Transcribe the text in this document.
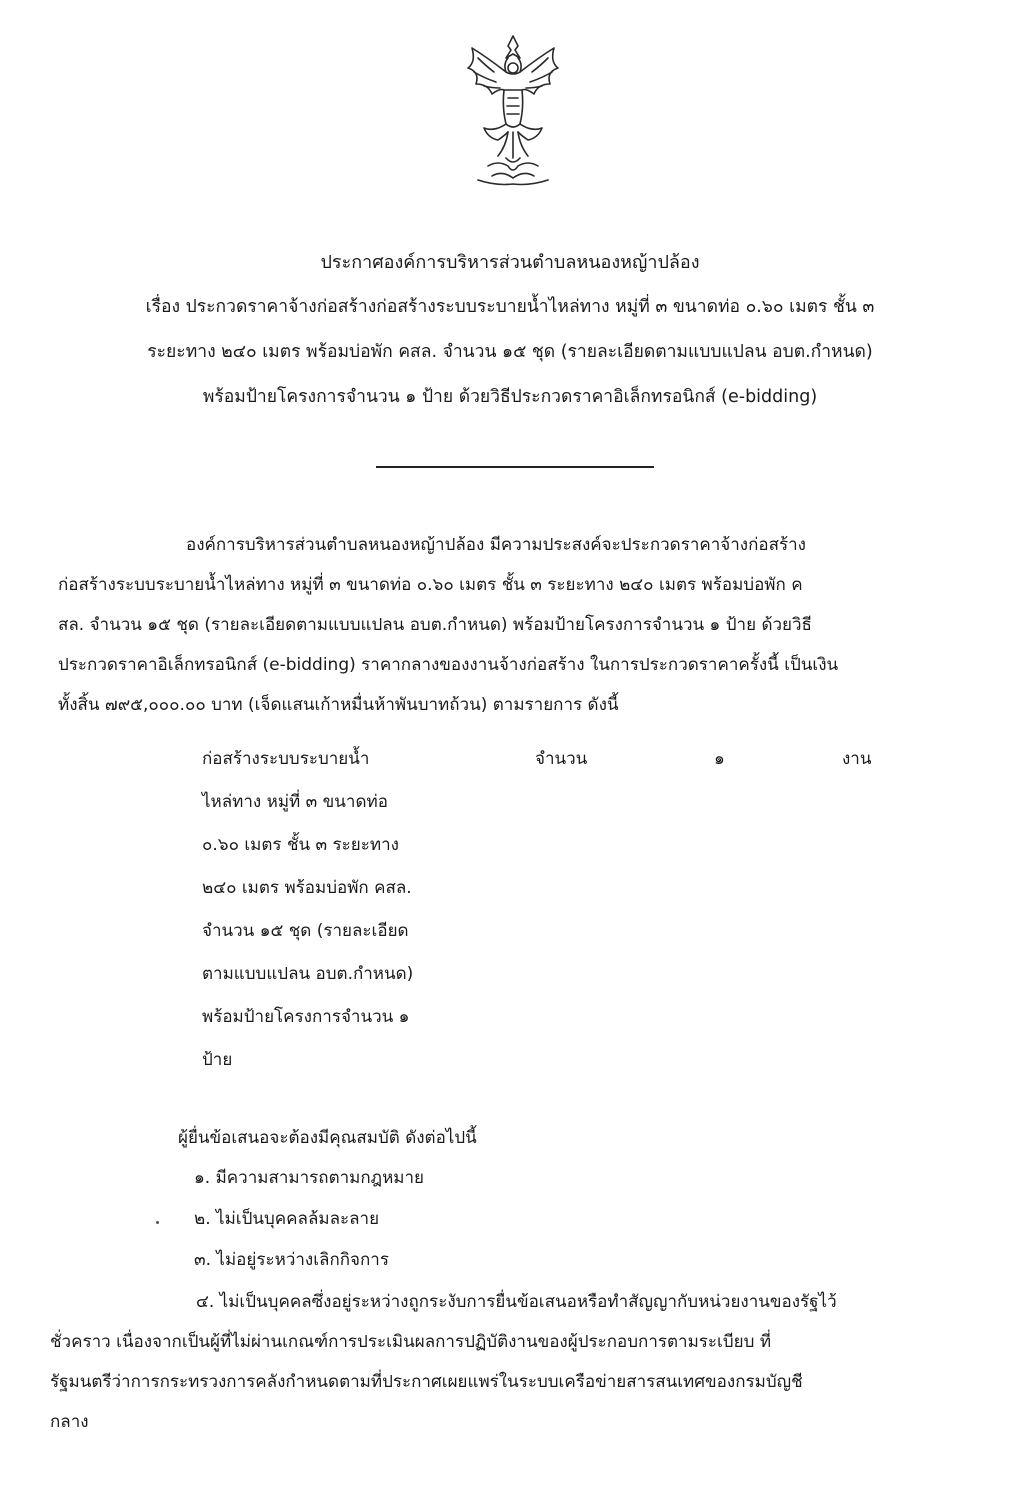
ประกาศองค์การบริหารส่วนตำบลหนองหญ้าปล้อง
เรื่อง ประกวดราคาจ้างก่อสร้างก่อสร้างระบบระบายน้ำไหล่ทาง หมู่ที่ ๓ ขนาดท่อ ๐.๖๐ เมตร ชั้น ๓
ระยะทาง ๒๔๐ เมตร พร้อมบ่อพัก คสล. จำนวน ๑๕ ชุด (รายละเอียดตามแบบแปลน อบต.กำหนด)
พร้อมป้ายโครงการจำนวน ๑ ป้าย ด้วยวิธีประกวดราคาอิเล็กทรอนิกส์ (e-bidding)
องค์การบริหารส่วนตำบลหนองหญ้าปล้อง มีความประสงค์จะประกวดราคาจ้างก่อสร้าง
ก่อสร้างระบบระบายน้ำไหล่ทาง หมู่ที่ ๓ ขนาดท่อ ๐.๖๐ เมตร ชั้น ๓ ระยะทาง ๒๔๐ เมตร พร้อมบ่อพัก ค
สล. จำนวน ๑๕ ชุด (รายละเอียดตามแบบแปลน อบต.กำหนด) พร้อมป้ายโครงการจำนวน ๑ ป้าย ด้วยวิธี
ประกวดราคาอิเล็กทรอนิกส์ (e-bidding) ราคากลางของงานจ้างก่อสร้าง ในการประกวดราคาครั้งนี้ เป็นเงิน
ทั้งสิ้น ๗๙๕,๐๐๐.๐๐ บาท (เจ็ดแสนเก้าหมื่นห้าพันบาทถ้วน) ตามรายการ ดังนี้
ก่อสร้างระบบระบายน้ำ
ไหล่ทาง หมู่ที่ ๓ ขนาดท่อ
๐.๖๐ เมตร ชั้น ๓ ระยะทาง
๒๔๐ เมตร พร้อมบ่อพัก คสล.
จำนวน ๑๕ ชุด (รายละเอียด
ตามแบบแปลน อบต.กำหนด)
พร้อมป้ายโครงการจำนวน ๑
ป้าย
จำนวน	๑	งาน
ผู้ยื่นข้อเสนอจะต้องมีคุณสมบัติ ดังต่อไปนี้
๑. มีความสามารถตามกฎหมาย
๒. ไม่เป็นบุคคลล้มละลาย
๓. ไม่อยู่ระหว่างเลิกกิจการ
๔. ไม่เป็นบุคคลซึ่งอยู่ระหว่างถูกระงับการยื่นข้อเสนอหรือทำสัญญากับหน่วยงานของรัฐไว้
ชั่วคราว เนื่องจากเป็นผู้ที่ไม่ผ่านเกณฑ์การประเมินผลการปฏิบัติงานของผู้ประกอบการตามระเบียบ ที่
รัฐมนตรีว่าการกระทรวงการคลังกำหนดตามที่ประกาศเผยแพร่ในระบบเครือข่ายสารสนเทศของกรมบัญชี
กลาง
